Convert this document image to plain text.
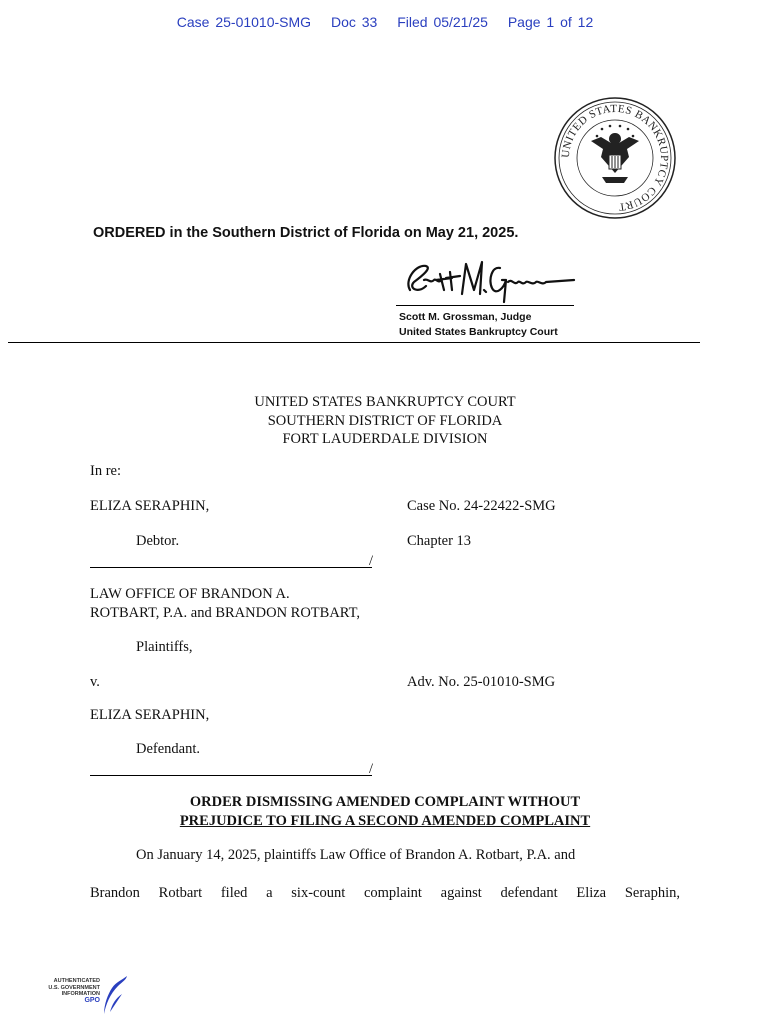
Case 25-01010-SMG Doc 33 Filed 05/21/25 Page 1 of 12
UNITED STATES BANKRUPTCY COURT
ORDERED in the Southern District of Florida on May 21, 2025.
Scott M. Grossman, Judge
United States Bankruptcy Court
UNITED STATES BANKRUPTCY COURT
SOUTHERN DISTRICT OF FLORIDA
FORT LAUDERDALE DIVISION
In re:
ELIZA SERAPHIN,	Case No. 24-22422-SMG
Debtor.	Chapter 13
/
LAW OFFICE OF BRANDON A.
ROTBART, P.A. and BRANDON ROTBART,
Plaintiffs,
v.	Adv. No. 25-01010-SMG
ELIZA SERAPHIN,
Defendant.
/
ORDER DISMISSING AMENDED COMPLAINT WITHOUT
PREJUDICE TO FILING A SECOND AMENDED COMPLAINT
On January 14, 2025, plaintiffs Law Office of Brandon A. Rotbart, P.A. and
Brandon Rotbart filed a six-count complaint against defendant Eliza Seraphin,
AUTHENTICATED
U.S. GOVERNMENT
INFORMATION
GPO
